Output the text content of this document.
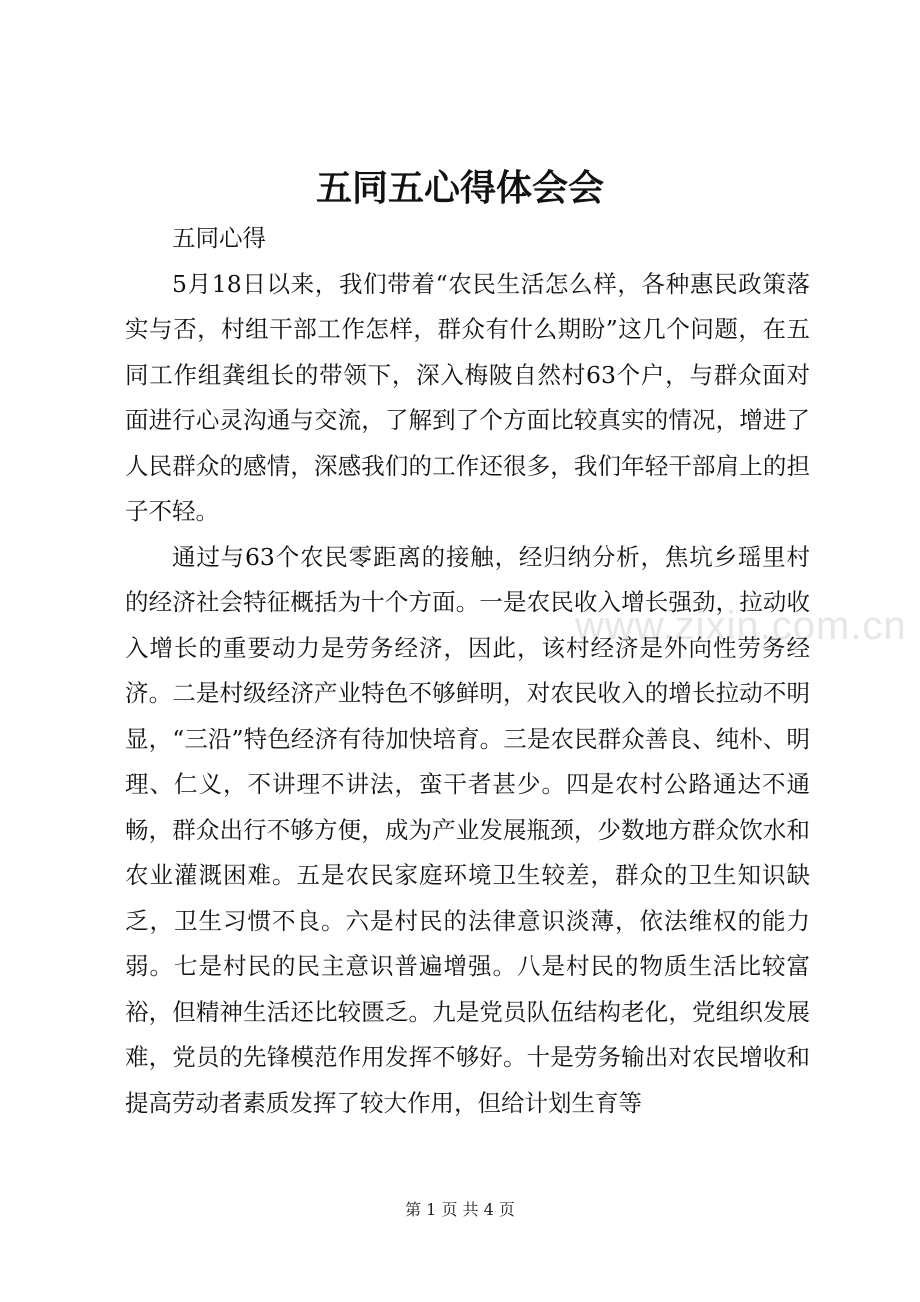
www.zixin.com.cn
五同五心得体会会

五同心得

5月18日以来，我们带着“农民生活怎么样，各种惠民政策落实与否，村组干部工作怎样，群众有什么期盼”这几个问题，在五同工作组龚组长的带领下，深入梅陂自然村63个户，与群众面对面进行心灵沟通与交流，了解到了个方面比较真实的情况，增进了人民群众的感情，深感我们的工作还很多，我们年轻干部肩上的担子不轻。

通过与63个农民零距离的接触，经归纳分析，焦坑乡瑶里村的经济社会特征概括为十个方面。一是农民收入增长强劲，拉动收入增长的重要动力是劳务经济，因此，该村经济是外向性劳务经济。二是村级经济产业特色不够鲜明，对农民收入的增长拉动不明显，“三沿”特色经济有待加快培育。三是农民群众善良、纯朴、明理、仁义，不讲理不讲法，蛮干者甚少。四是农村公路通达不通畅，群众出行不够方便，成为产业发展瓶颈，少数地方群众饮水和农业灌溉困难。五是农民家庭环境卫生较差，群众的卫生知识缺乏，卫生习惯不良。六是村民的法律意识淡薄，依法维权的能力弱。七是村民的民主意识普遍增强。八是村民的物质生活比较富裕，但精神生活还比较匮乏。九是党员队伍结构老化，党组织发展难，党员的先锋模范作用发挥不够好。十是劳务输出对农民增收和提高劳动者素质发挥了较大作用，但给计划生育等

第 1 页 共 4 页
